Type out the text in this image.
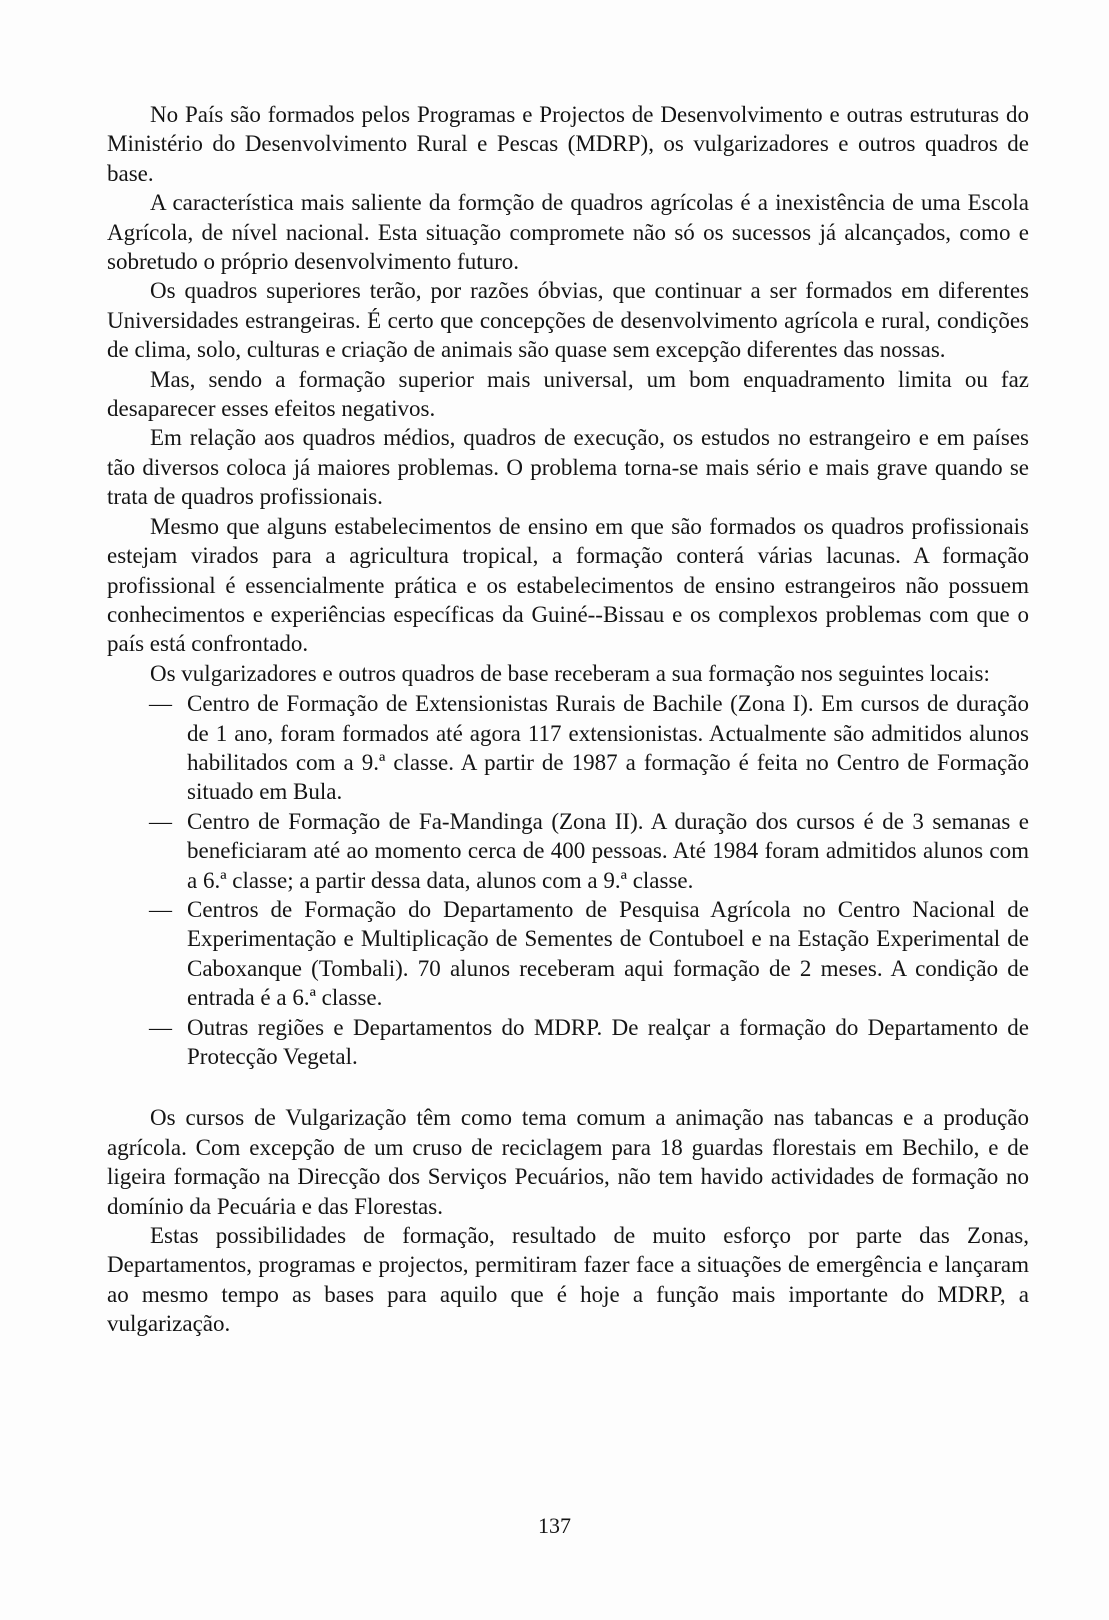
No País são formados pelos Programas e Projectos de Desenvolvimento e outras estruturas do Ministério do Desenvolvimento Rural e Pescas (MDRP), os vulgarizadores e outros quadros de base.

A característica mais saliente da formção de quadros agrícolas é a inexistência de uma Escola Agrícola, de nível nacional. Esta situação compromete não só os sucessos já alcançados, como e sobretudo o próprio desenvolvimento futuro.

Os quadros superiores terão, por razões óbvias, que continuar a ser formados em diferentes Universidades estrangeiras. É certo que concepções de desenvolvimento agrícola e rural, condições de clima, solo, culturas e criação de animais são quase sem excepção diferentes das nossas.

Mas, sendo a formação superior mais universal, um bom enquadramento limita ou faz desaparecer esses efeitos negativos.

Em relação aos quadros médios, quadros de execução, os estudos no estrangeiro e em países tão diversos coloca já maiores problemas. O problema torna-se mais sério e mais grave quando se trata de quadros profissionais.

Mesmo que alguns estabelecimentos de ensino em que são formados os quadros profissionais estejam virados para a agricultura tropical, a formação conterá várias lacunas. A formação profissional é essencialmente prática e os estabelecimentos de ensino estrangeiros não possuem conhecimentos e experiências específicas da Guiné--Bissau e os complexos problemas com que o país está confrontado.

Os vulgarizadores e outros quadros de base receberam a sua formação nos seguintes locais:

— Centro de Formação de Extensionistas Rurais de Bachile (Zona I). Em cursos de duração de 1 ano, foram formados até agora 117 extensionistas. Actualmente são admitidos alunos habilitados com a 9.ª classe. A partir de 1987 a formação é feita no Centro de Formação situado em Bula.
— Centro de Formação de Fa-Mandinga (Zona II). A duração dos cursos é de 3 semanas e beneficiaram até ao momento cerca de 400 pessoas. Até 1984 foram admitidos alunos com a 6.ª classe; a partir dessa data, alunos com a 9.ª classe.
— Centros de Formação do Departamento de Pesquisa Agrícola no Centro Nacional de Experimentação e Multiplicação de Sementes de Contuboel e na Estação Experimental de Caboxanque (Tombali). 70 alunos receberam aqui formação de 2 meses. A condição de entrada é a 6.ª classe.
— Outras regiões e Departamentos do MDRP. De realçar a formação do Departamento de Protecção Vegetal.

Os cursos de Vulgarização têm como tema comum a animação nas tabancas e a produção agrícola. Com excepção de um cruso de reciclagem para 18 guardas florestais em Bechilo, e de ligeira formação na Direcção dos Serviços Pecuários, não tem havido actividades de formação no domínio da Pecuária e das Florestas.

Estas possibilidades de formação, resultado de muito esforço por parte das Zonas, Departamentos, programas e projectos, permitiram fazer face a situações de emergência e lançaram ao mesmo tempo as bases para aquilo que é hoje a função mais importante do MDRP, a vulgarização.

137
